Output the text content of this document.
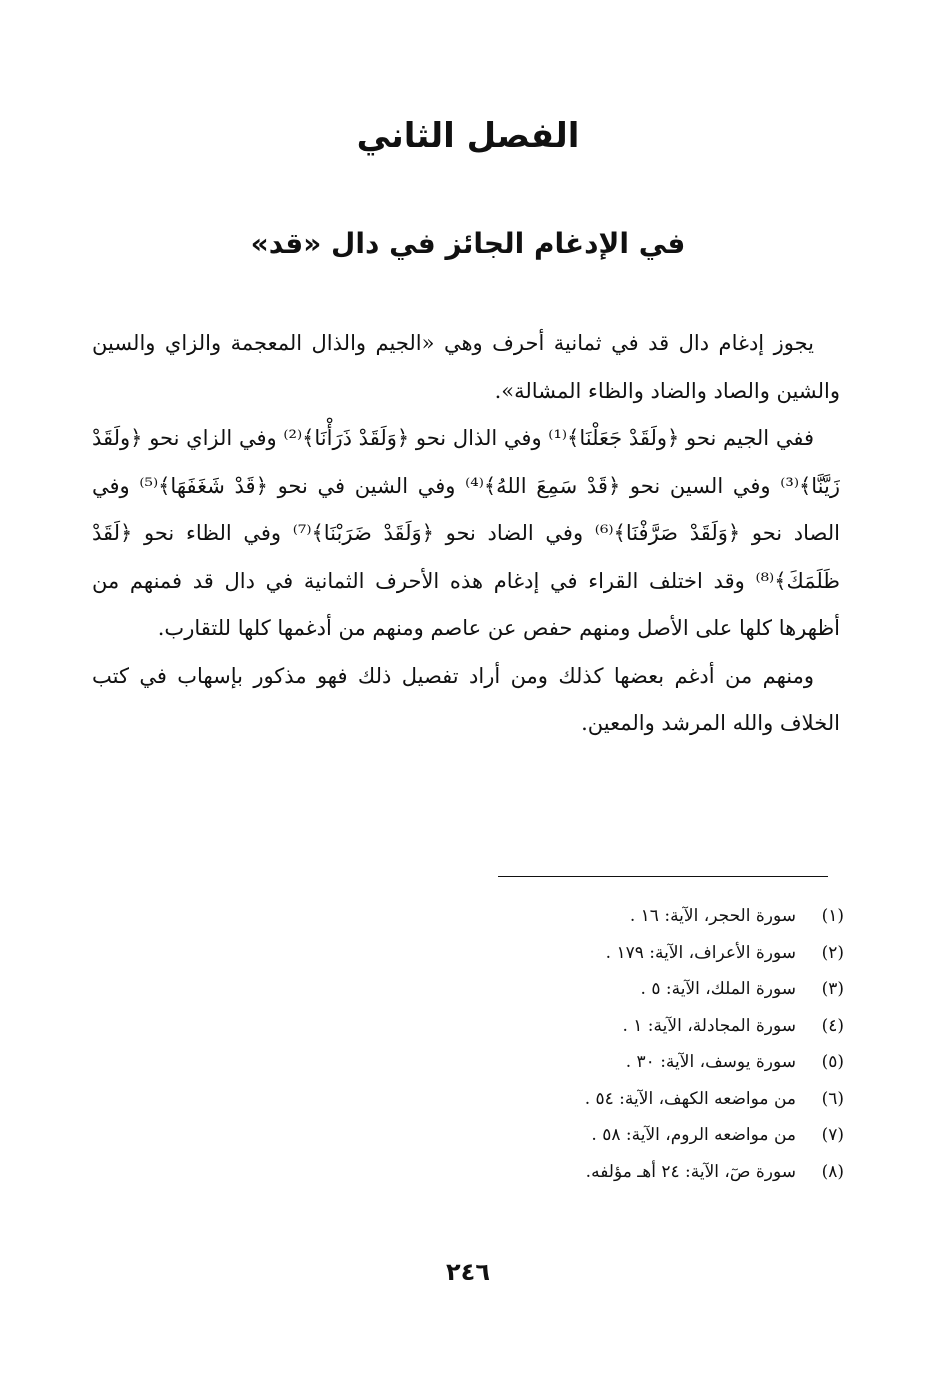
الفصل الثاني
في الإدغام الجائز في دال «قد»

يجوز إدغام دال قد في ثمانية أحرف وهي «الجيم والذال المعجمة والزاي والسين والشين والصاد والضاد والظاء المشالة».

ففي الجيم نحو ﴿ولَقَدْ جَعَلْنَا﴾⁽¹⁾ وفي الذال نحو ﴿وَلَقَدْ ذَرَأْنَا﴾⁽²⁾ وفي الزاي نحو ﴿ولَقَدْ زَيَّنَّا﴾⁽³⁾ وفي السين نحو ﴿قَدْ سَمِعَ اللهُ﴾⁽⁴⁾ وفي الشين في نحو ﴿قَدْ شَغَفَهَا﴾⁽⁵⁾ وفي الصاد نحو ﴿وَلَقَدْ صَرَّفْنَا﴾⁽⁶⁾ وفي الضاد نحو ﴿وَلَقَدْ ضَرَبْنَا﴾⁽⁷⁾ وفي الظاء نحو ﴿لَقَدْ ظَلَمَكَ﴾⁽⁸⁾ وقد اختلف القراء في إدغام هذه الأحرف الثمانية في دال قد فمنهم من أظهرها كلها على الأصل ومنهم حفص عن عاصم ومنهم من أدغمها كلها للتقارب.

ومنهم من أدغم بعضها كذلك ومن أراد تفصيل ذلك فهو مذكور بإسهاب في كتب الخلاف والله المرشد والمعين.

(١)سورة الحجر، الآية: ١٦ .
(٢)سورة الأعراف، الآية: ١٧٩ .
(٣)سورة الملك، الآية: ٥ .
(٤)سورة المجادلة، الآية: ١ .
(٥)سورة يوسف، الآية: ٣٠ .
(٦)من مواضعه الكهف، الآية: ٥٤ .
(٧)من مواضعه الروم، الآية: ٥٨ .
(٨)سورة صٓ، الآية: ٢٤ أهـ مؤلفه.
٢٤٦
